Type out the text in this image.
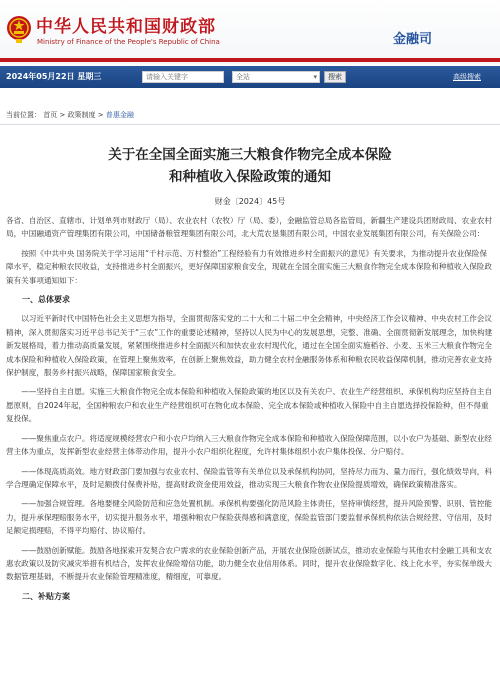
中华人民共和国财政部
Ministry of Finance of the People's Republic of China	金融司
2024年05月22日 星期三
请输入关键字	全站	▾	搜索	高级搜索
当前位置： 首页 > 政策制度 > 普惠金融
关于在全国全面实施三大粮食作物完全成本保险
和种植收入保险政策的通知
财金〔2024〕45号

各省、自治区、直辖市、计划单列市财政厅（局）、农业农村（农牧）厅（局、委），金融监管总局各监管局，新疆生产建设兵团财政局、农业农村局，中国融通资产管理集团有限公司，中国储备粮管理集团有限公司，北大荒农垦集团有限公司，中国农业发展集团有限公司，有关保险公司：

按照《中共中央 国务院关于学习运用“千村示范、万村整治”工程经验有力有效推进乡村全面振兴的意见》有关要求，为推动提升农业保险保障水平，稳定种粮农民收益，支持推进乡村全面振兴，更好保障国家粮食安全，现就在全国全面实施三大粮食作物完全成本保险和种植收入保险政策有关事项通知如下：

一、总体要求

以习近平新时代中国特色社会主义思想为指导，全面贯彻落实党的二十大和二十届二中全会精神，中央经济工作会议精神、中央农村工作会议精神，深入贯彻落实习近平总书记关于“三农”工作的重要论述精神，坚持以人民为中心的发展思想，完整、准确、全面贯彻新发展理念，加快构建新发展格局，着力推动高质量发展，紧紧围绕推进乡村全面振兴和加快农业农村现代化，通过在全国全面实施稻谷、小麦、玉米三大粮食作物完全成本保险和种植收入保险政策，在管理上聚焦效率，在创新上聚焦效益，助力健全农村金融服务体系和种粮农民收益保障机制，推动完善农业支持保护制度，服务乡村振兴战略，保障国家粮食安全。

——坚持自主自愿。实施三大粮食作物完全成本保险和种植收入保险政策的地区以及有关农户、农业生产经营组织、承保机构均应坚持自主自愿原则，自2024年起，全国种粮农户和农业生产经营组织可在物化成本保险、完全成本保险或种植收入保险中自主自愿选择投保险种，但不得重复投保。

——聚焦重点农户。将适度规模经营农户和小农户均纳入三大粮食作物完全成本保险和种植收入保险保障范围，以小农户为基础、新型农业经营主体为重点，发挥新型农业经营主体带动作用，提升小农户组织化程度，允许村集体组织小农户集体投保、分户赔付。

——体现高质高效。地方财政部门要加强与农业农村、保险监管等有关单位以及承保机构协同，坚持尽力而为、量力而行，强化绩效导向，科学合理确定保障水平，及时足额拨付保费补贴，提高财政资金使用效益，推动实现三大粮食作物农业保险提质增效，确保政策精准落实。

——加强合规管理。各地要健全风险防范和应急处置机制。承保机构要强化防范风险主体责任，坚持审慎经营，提升风险预警、识别、管控能力，提升承保理赔服务水平，切实提升服务水平，增强种粮农户保险获得感和满意度，保险监管部门要监督承保机构依法合规经营、守信用，及时足额定损理赔，不得平均赔付、协议赔付。

——鼓励创新赋能。鼓励各地探索开发契合农户需求的农业保险创新产品，开展农业保险创新试点，推动农业保险与其他农村金融工具和支农惠农政策以及防灾减灾举措有机结合，发挥农业保险增信功能，助力健全农业信用体系。同时，提升农业保险数字化、线上化水平，夯实保单级大数据管理基础，不断提升农业保险管理精准度，精细度，可靠度。

二、补贴方案
